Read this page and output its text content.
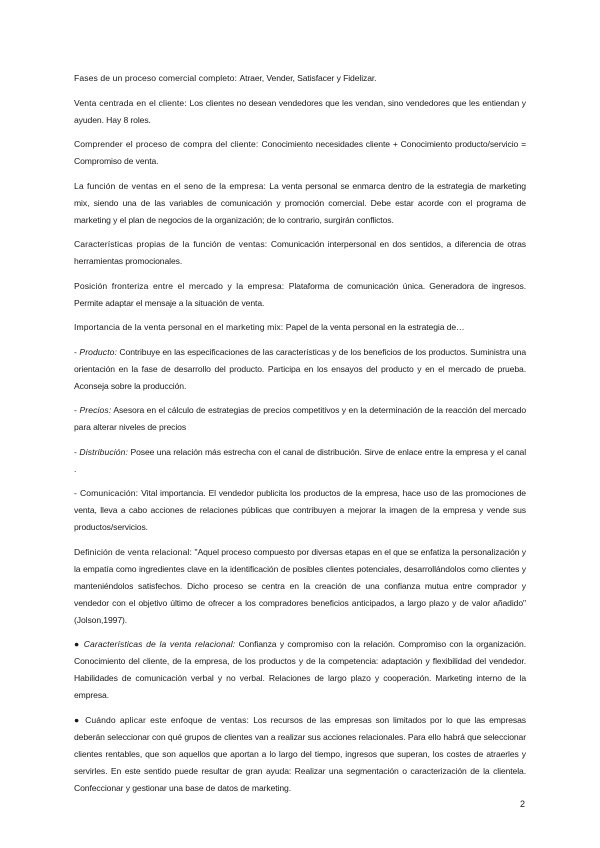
Fases de un proceso comercial completo: Atraer, Vender, Satisfacer y Fidelizar.

Venta centrada en el cliente: Los clientes no desean vendedores que les vendan, sino vendedores que les entiendan y ayuden. Hay 8 roles.

Comprender el proceso de compra del cliente: Conocimiento necesidades cliente + Conocimiento producto/servicio = Compromiso de venta.

La función de ventas en el seno de la empresa: La venta personal se enmarca dentro de la estrategia de marketing mix, siendo una de las variables de comunicación y promoción comercial. Debe estar acorde con el programa de marketing y el plan de negocios de la organización; de lo contrario, surgirán conflictos.

Características propias de la función de ventas: Comunicación interpersonal en dos sentidos, a diferencia de otras herramientas promocionales.

Posición fronteriza entre el mercado y la empresa: Plataforma de comunicación única. Generadora de ingresos. Permite adaptar el mensaje a la situación de venta.

Importancia de la venta personal en el marketing mix: Papel de la venta personal en la estrategia de…

- Producto: Contribuye en las especificaciones de las características y de los beneficios de los productos. Suministra una orientación en la fase de desarrollo del producto. Participa en los ensayos del producto y en el mercado de prueba. Aconseja sobre la producción.

- Precios: Asesora en el cálculo de estrategias de precios competitivos y en la determinación de la reacción del mercado para alterar niveles de precios

- Distribución: Posee una relación más estrecha con el canal de distribución. Sirve de enlace entre la empresa y el canal .

- Comunicación: Vital importancia. El vendedor publicita los productos de la empresa, hace uso de las promociones de venta, lleva a cabo acciones de relaciones públicas que contribuyen a mejorar la imagen de la empresa y vende sus productos/servicios.

Definición de venta relacional: "Aquel proceso compuesto por diversas etapas en el que se enfatiza la personalización y la empatía como ingredientes clave en la identificación de posibles clientes potenciales, desarrollándolos como clientes y manteniéndolos satisfechos. Dicho proceso se centra en la creación de una confianza mutua entre comprador y vendedor con el objetivo último de ofrecer a los compradores beneficios anticipados, a largo plazo y de valor añadido" (Jolson,1997).

● Características de la venta relacional: Confianza y compromiso con la relación. Compromiso con la organización. Conocimiento del cliente, de la empresa, de los productos y de la competencia: adaptación y flexibilidad del vendedor. Habilidades de comunicación verbal y no verbal. Relaciones de largo plazo y cooperación. Marketing interno de la empresa.

● Cuándo aplicar este enfoque de ventas: Los recursos de las empresas son limitados por lo que las empresas deberán seleccionar con qué grupos de clientes van a realizar sus acciones relacionales. Para ello habrá que seleccionar clientes rentables, que son aquellos que aportan a lo largo del tiempo, ingresos que superan, los costes de atraerles y servirles. En este sentido puede resultar de gran ayuda: Realizar una segmentación o caracterización de la clientela. Confeccionar y gestionar una base de datos de marketing.

2
